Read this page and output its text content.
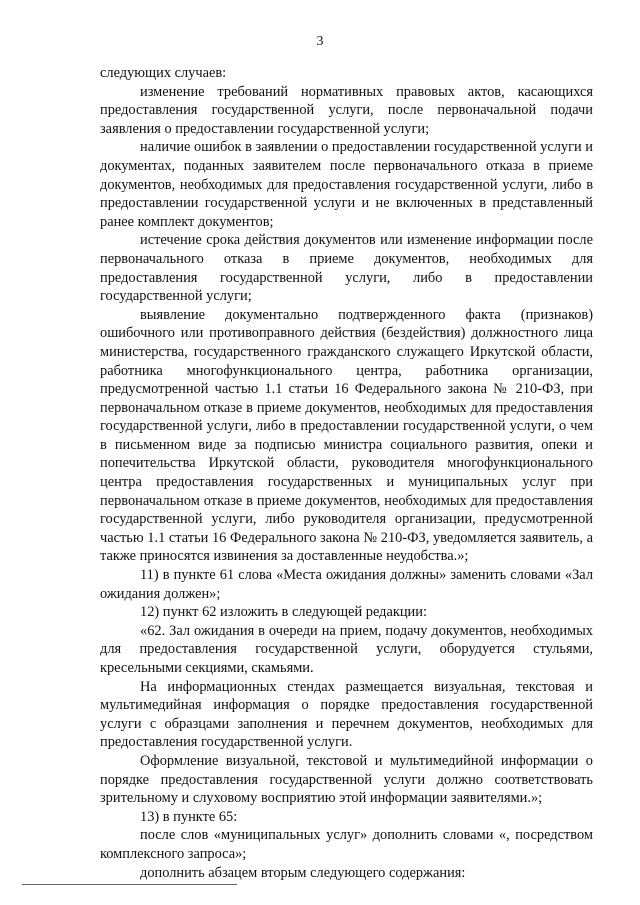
3

следующих случаев:

изменение требований нормативных правовых актов, касающихся предоставления государственной услуги, после первоначальной подачи заявления о предоставлении государственной услуги;

наличие ошибок в заявлении о предоставлении государственной услуги и документах, поданных заявителем после первоначального отказа в приеме документов, необходимых для предоставления государственной услуги, либо в предоставлении государственной услуги и не включенных в представленный ранее комплект документов;

истечение срока действия документов или изменение информации после первоначального отказа в приеме документов, необходимых для предоставления государственной услуги, либо в предоставлении государственной услуги;

выявление документально подтвержденного факта (признаков) ошибочного или противоправного действия (бездействия) должностного лица министерства, государственного гражданского служащего Иркутской области, работника многофункционального центра, работника организации, предусмотренной частью 1.1 статьи 16 Федерального закона № 210-ФЗ, при первоначальном отказе в приеме документов, необходимых для предоставления государственной услуги, либо в предоставлении государственной услуги, о чем в письменном виде за подписью министра социального развития, опеки и попечительства Иркутской области, руководителя многофункционального центра предоставления государственных и муниципальных услуг при первоначальном отказе в приеме документов, необходимых для предоставления государственной услуги, либо руководителя организации, предусмотренной частью 1.1 статьи 16 Федерального закона № 210-ФЗ, уведомляется заявитель, а также приносятся извинения за доставленные неудобства.»;

11) в пункте 61 слова «Места ожидания должны» заменить словами «Зал ожидания должен»;

12) пункт 62 изложить в следующей редакции:

«62. Зал ожидания в очереди на прием, подачу документов, необходимых для предоставления государственной услуги, оборудуется стульями, кресельными секциями, скамьями.

На информационных стендах размещается визуальная, текстовая и мультимедийная информация о порядке предоставления государственной услуги с образцами заполнения и перечнем документов, необходимых для предоставления государственной услуги.

Оформление визуальной, текстовой и мультимедийной информации о порядке предоставления государственной услуги должно соответствовать зрительному и слуховому восприятию этой информации заявителями.»;

13) в пункте 65:

после слов «муниципальных услуг» дополнить словами «, посредством комплексного запроса»;

дополнить абзацем вторым следующего содержания:
